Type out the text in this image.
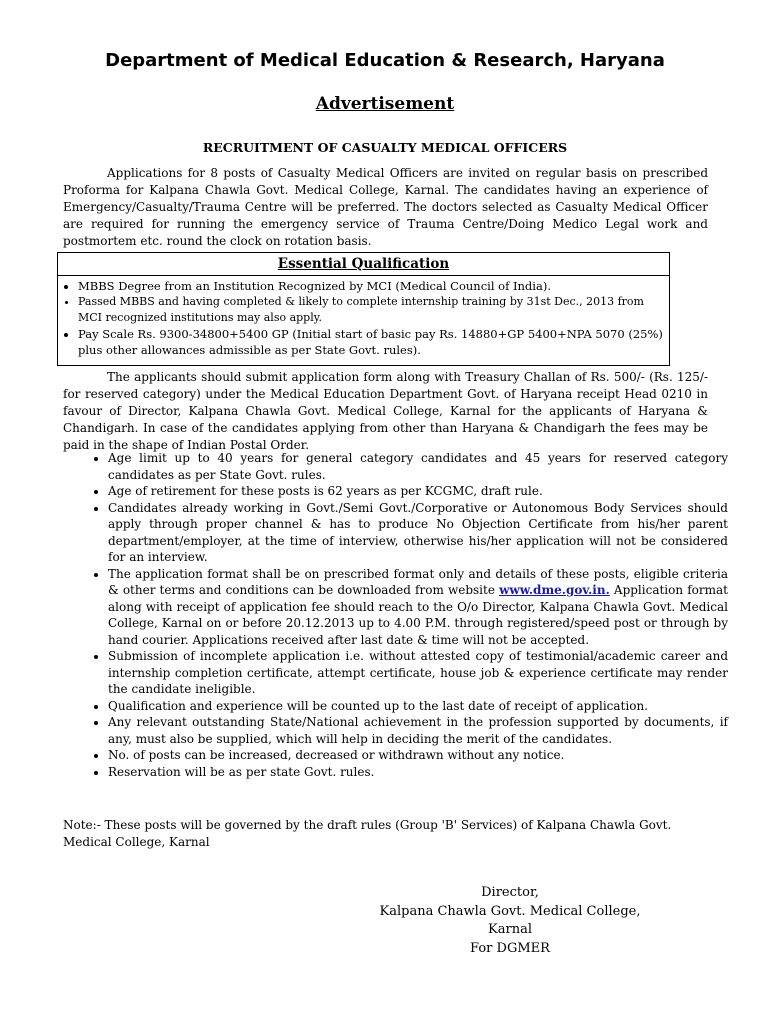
Department of Medical Education & Research, Haryana
Advertisement
RECRUITMENT OF CASUALTY MEDICAL OFFICERS

Applications for 8 posts of Casualty Medical Officers are invited on regular basis on prescribed Proforma for Kalpana Chawla Govt. Medical College, Karnal. The candidates having an experience of Emergency/Casualty/Trauma Centre will be preferred. The doctors selected as Casualty Medical Officer are required for running the emergency service of Trauma Centre/Doing Medico Legal work and postmortem etc. round the clock on rotation basis.

Essential Qualification
• MBBS Degree from an Institution Recognized by MCI (Medical Council of India).
• Passed MBBS and having completed & likely to complete internship training by 31st Dec., 2013 from MCI recognized institutions may also apply.
• Pay Scale Rs. 9300-34800+5400 GP (Initial start of basic pay Rs. 14880+GP 5400+NPA 5070 (25%) plus other allowances admissible as per State Govt. rules).

The applicants should submit application form along with Treasury Challan of Rs. 500/- (Rs. 125/- for reserved category) under the Medical Education Department Govt. of Haryana receipt Head 0210 in favour of Director, Kalpana Chawla Govt. Medical College, Karnal for the applicants of Haryana & Chandigarh. In case of the candidates applying from other than Haryana & Chandigarh the fees may be paid in the shape of Indian Postal Order.

• Age limit up to 40 years for general category candidates and 45 years for reserved category candidates as per State Govt. rules.
• Age of retirement for these posts is 62 years as per KCGMC, draft rule.
• Candidates already working in Govt./Semi Govt./Corporative or Autonomous Body Services should apply through proper channel & has to produce No Objection Certificate from his/her parent department/employer, at the time of interview, otherwise his/her application will not be considered for an interview.
• The application format shall be on prescribed format only and details of these posts, eligible criteria & other terms and conditions can be downloaded from website www.dme.gov.in. Application format along with receipt of application fee should reach to the O/o Director, Kalpana Chawla Govt. Medical College, Karnal on or before 20.12.2013 up to 4.00 P.M. through registered/speed post or through by hand courier. Applications received after last date & time will not be accepted.
• Submission of incomplete application i.e. without attested copy of testimonial/academic career and internship completion certificate, attempt certificate, house job & experience certificate may render the candidate ineligible.
• Qualification and experience will be counted up to the last date of receipt of application.
• Any relevant outstanding State/National achievement in the profession supported by documents, if any, must also be supplied, which will help in deciding the merit of the candidates.
• No. of posts can be increased, decreased or withdrawn without any notice.
• Reservation will be as per state Govt. rules.

Note:- These posts will be governed by the draft rules (Group 'B' Services) of Kalpana Chawla Govt. Medical College, Karnal

Director,
Kalpana Chawla Govt. Medical College,
Karnal
For DGMER
